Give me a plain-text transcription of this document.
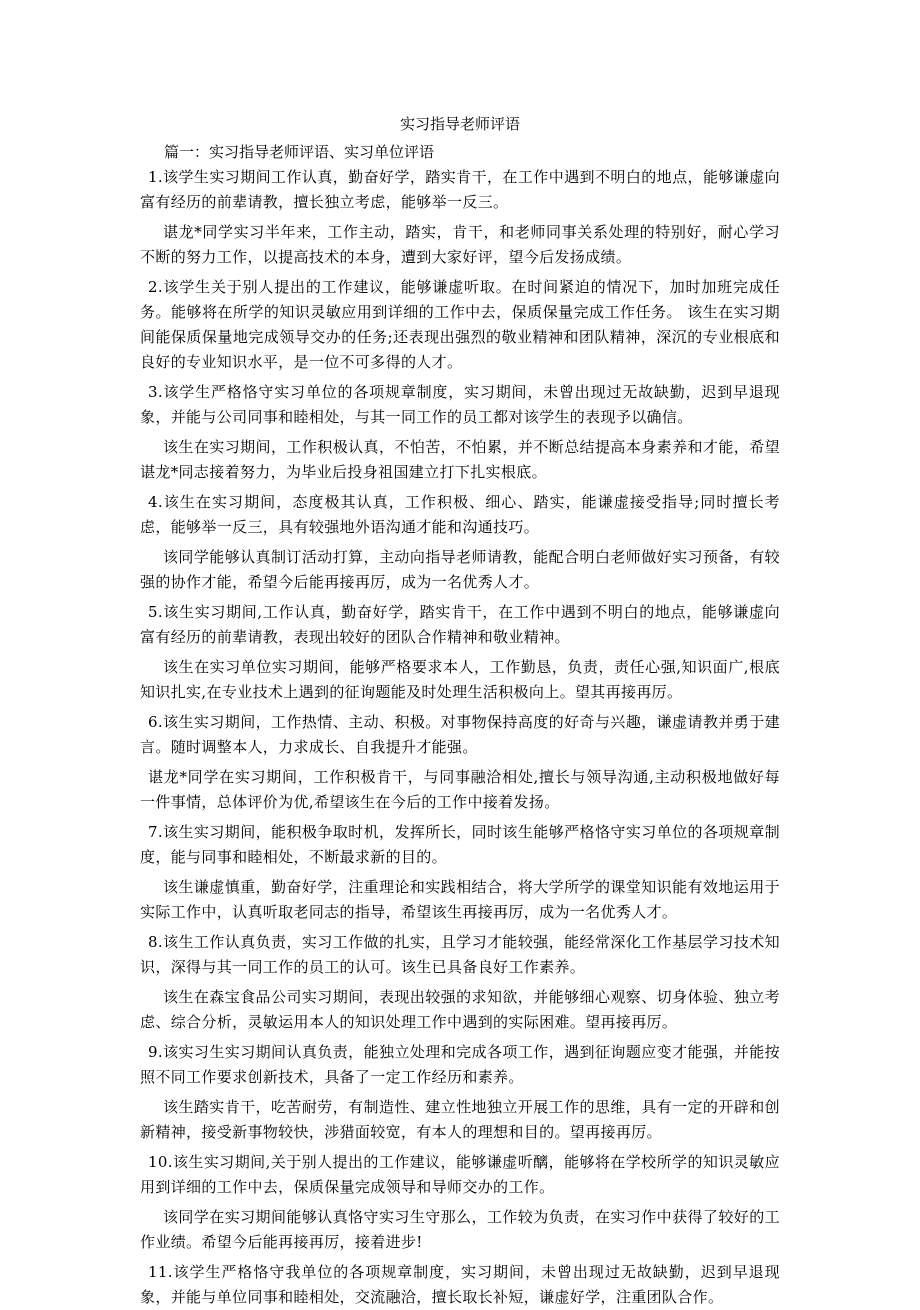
实习指导老师评语
篇一：实习指导老师评语、实习单位评语

1.该学生实习期间工作认真，勤奋好学，踏实肯干，在工作中遇到不明白的地点，能够谦虚向富有经历的前辈请教，擅长独立考虑，能够举一反三。

谌龙*同学实习半年来，工作主动，踏实，肯干，和老师同事关系处理的特别好，耐心学习不断的努力工作，以提高技术的本身，遭到大家好评，望今后发扬成绩。

2.该学生关于别人提出的工作建议，能够谦虚听取。在时间紧迫的情况下，加时加班完成任务。能够将在所学的知识灵敏应用到详细的工作中去，保质保量完成工作任务。 该生在实习期间能保质保量地完成领导交办的任务;还表现出强烈的敬业精神和团队精神，深沉的专业根底和良好的专业知识水平，是一位不可多得的人才。

3.该学生严格恪守实习单位的各项规章制度，实习期间，未曾出现过无故缺勤，迟到早退现象，并能与公司同事和睦相处，与其一同工作的员工都对该学生的表现予以确信。

该生在实习期间，工作积极认真，不怕苦，不怕累，并不断总结提高本身素养和才能，希望谌龙*同志接着努力，为毕业后投身祖国建立打下扎实根底。

4.该生在实习期间，态度极其认真，工作积极、细心、踏实，能谦虚接受指导;同时擅长考虑，能够举一反三，具有较强地外语沟通才能和沟通技巧。

该同学能够认真制订活动打算，主动向指导老师请教，能配合明白老师做好实习预备，有较强的协作才能，希望今后能再接再厉，成为一名优秀人才。

5.该生实习期间,工作认真，勤奋好学，踏实肯干，在工作中遇到不明白的地点，能够谦虚向富有经历的前辈请教，表现出较好的团队合作精神和敬业精神。

该生在实习单位实习期间，能够严格要求本人，工作勤恳，负责，责任心强,知识面广,根底知识扎实,在专业技术上遇到的征询题能及时处理生活积极向上。望其再接再厉。

6.该生实习期间，工作热情、主动、积极。对事物保持高度的好奇与兴趣，谦虚请教并勇于建言。随时调整本人，力求成长、自我提升才能强。

谌龙*同学在实习期间，工作积极肯干，与同事融洽相处,擅长与领导沟通,主动积极地做好每一件事情，总体评价为优,希望该生在今后的工作中接着发扬。

7.该生实习期间，能积极争取时机，发挥所长，同时该生能够严格恪守实习单位的各项规章制度，能与同事和睦相处，不断最求新的目的。

该生谦虚慎重，勤奋好学，注重理论和实践相结合，将大学所学的课堂知识能有效地运用于实际工作中，认真听取老同志的指导，希望该生再接再厉，成为一名优秀人才。

8.该生工作认真负责，实习工作做的扎实，且学习才能较强，能经常深化工作基层学习技术知识，深得与其一同工作的员工的认可。该生已具备良好工作素养。

该生在森宝食品公司实习期间，表现出较强的求知欲，并能够细心观察、切身体验、独立考虑、综合分析，灵敏运用本人的知识处理工作中遇到的实际困难。望再接再厉。

9.该实习生实习期间认真负责，能独立处理和完成各项工作，遇到征询题应变才能强，并能按照不同工作要求创新技术，具备了一定工作经历和素养。

该生踏实肯干，吃苦耐劳，有制造性、建立性地独立开展工作的思维，具有一定的开辟和创新精神，接受新事物较快，涉猎面较宽，有本人的理想和目的。望再接再厉。

10.该生实习期间,关于别人提出的工作建议，能够谦虚听醨，能够将在学校所学的知识灵敏应用到详细的工作中去，保质保量完成领导和导师交办的工作。

该同学在实习期间能够认真恪守实习生守那么，工作较为负责，在实习作中获得了较好的工作业绩。希望今后能再接再厉，接着进步!

11.该学生严格恪守我单位的各项规章制度，实习期间，未曾出现过无故缺勤，迟到早退现象，并能与单位同事和睦相处，交流融洽，擅长取长补短，谦虚好学，注重团队合作。
